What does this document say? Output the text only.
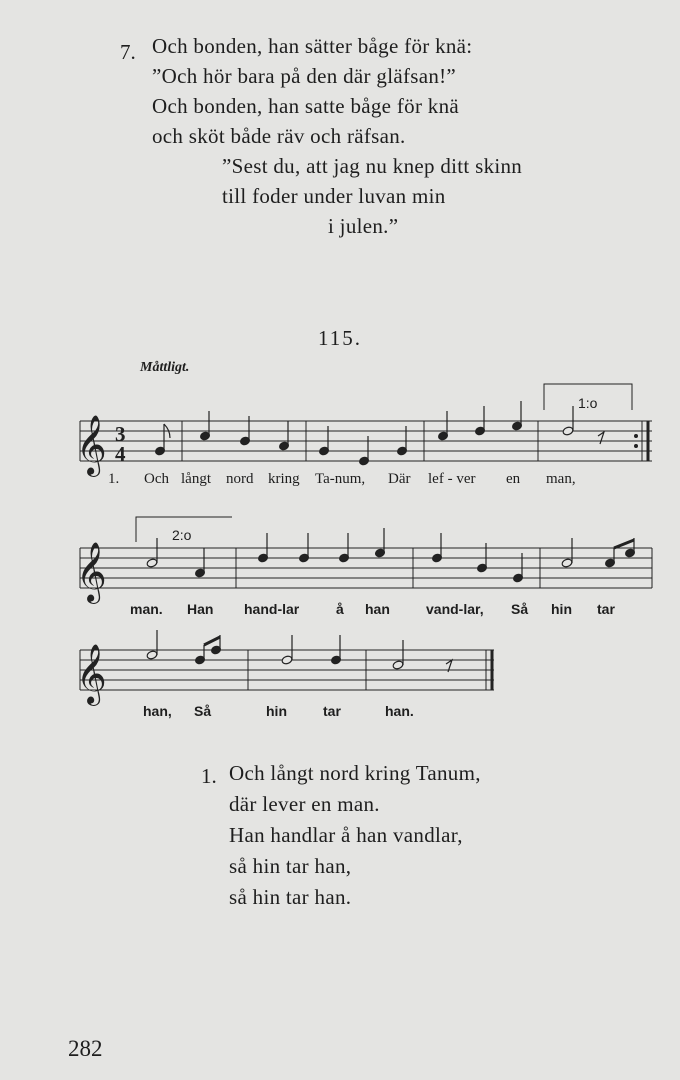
7. Och bonden, han sätter båge för knä:
”Och hör bara på den där gläfsan!”
Och bonden, han satte båge för knä
och sköt både räv och räfsan.
”Sest du, att jag nu knep ditt skinn
till foder under luvan min
i julen.”
115.
Måttligt.
𝄞 3
4
𝄞
𝄞
1:o
2:o
1. Och långt nord kring Ta-num, Där lef - ver en man,
man. Han hand-lar	å han	vand-lar, Så hin tar
han, Så	hin	tar	han.
1. Och långt nord kring Tanum,
där lever en man.
Han handlar å han vandlar,
så hin tar han,
så hin tar han.
282
